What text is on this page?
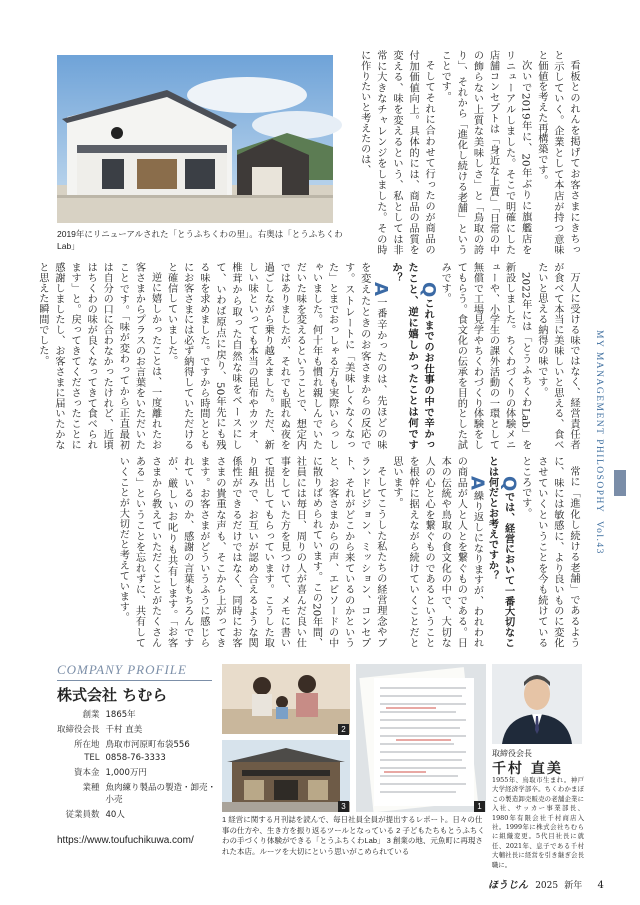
2019年にリニューアルされた「とうふちくわの里」。右奥は「とうふちくわLab」	看板とのれんを掲げてお客さまにきちっと示していく。企業として本店が持つ意味と価値を考えた再構築です。

次いで2019年に、20年ぶりに旗艦店をリニューアルしました。そこで明確にした店舗コンセプトは「身近な上質」「日常の中の飾らない上質な美味しさ」と「鳥取の誇り」、それから「進化し続ける老舗」ということです。

そしてそれに合わせて行ったのが商品の付加価値向上。具体的には、商品の品質を変える、味を変えるという、私としては非常に大きなチャレンジをしました。その時に作りたいと考えたのは、

万人に受ける味ではなく、経営責任者が食べて本当に美味しいと思える、食べたいと思える納得の味です。

2022年には「とうふちくわLab」を新設しました。ちくわづくりの体験メニューや、小学生の課外活動の一環として無償で工場見学やちくわづくり体験をしてもらう。食文化の伝承を目的とした試みです。

Qこれまでのお仕事の中で辛かったこと、逆に嬉しかったことは何ですか？

A一番辛かったのは、先ほどの味を変えたときのお客さまからの反応です。ストレートに「美味しくなくなった」とまでおっしゃる方も実際いらっしゃいました。何十年も慣れ親しんでいただいた味を変えるということで、想定内ではありましたが、それでも眠れぬ夜を過ごしながら乗り越えました。ただ、新しい味といっても本当の昆布やカツオ、椎茸から取った自然な味をベースにして、いわば原点に戻り、50年先にも残る味を求めました。ですから時間とともにお客さまには必ず納得していただけると確信していました。

逆に嬉しかったことは、一度離れたお客さまからプラスのお言葉をいただいたことです。「味が変わってから正直最初は自分の口に合わなかったけれど、近頃はちくわの味が良くなってきて食べられます」と。戻ってきてくださったことに感謝しましたし、お客さまに届いたかなと思えた瞬間でした。

常に「進化し続ける老舗」であるように、味には敏感に、より良いものに変化させていくということを今も続けているところです。

Qでは、経営において一番大切なことは何だとお考えですか？

A繰り返しになりますが、われわれの商品が人と人とを繋ぐものである。日本の伝統や鳥取の食文化の中で、大切な人の心と心を繋ぐものであるということを根幹に据えながら続けていくことだと思います。

そしてこうした私たちの経営理念やブランドビジョン、ミッション、コンセプト、それがどこから来ているのかというと、お客さまからの声、エピソードの中に散りばめられています。この20年間、社員には毎日、周りの人が喜んだ良い仕事をしていた方を見つけて、メモに書いて提出してもらっています。こうした取り組みで、お互いが認め合えるような関係性ができるだけではなく、同時にお客さまの貴重な声も、そこから上がってきます。お客さまがどういうふうに感じられているのか、感謝の言葉もちろんですが、厳しいお叱りも共有します。「お客さまから教えていただくことがたくさんある」ということを忘れずに、共有していくことが大切だと考えています。

MY MANAGEMENT PHILOSOPHY  Vol.43
COMPANY PROFILE
株式会社 ちむら
創業	1865年
取締役会長	千村 直美
所在地	鳥取市河原町布袋556
TEL	0858-76-3333
資本金	1,000万円
業種	魚肉練り製品の製造・卸売・小売
従業員数	40人
https://www.toufuchikuwa.com/
2
3	1
1 経営に関する月刊誌を読んで、毎日社員全員が提出するレポート。日々の仕事の仕方や、生き方を振り返るツールとなっている 2 子どもたちもとうふちくわの手づくり体験ができる「とうふちくわLab」 3 創業の地、元魚町に再現された本店。ルーツを大切にという思いがこめられている
取締役会長
千村 直美
1955年、鳥取市生まれ。神戸大学経済学部卒。ちくわかまぼこの製造卸売販売の老舗企業に入社、サッカー事業部長、1980年有限会社千村商店入社。1999年に株式会社ちむらに組織変更。5代目社長に就任、2021年、息子である千村大輔社長に経営を引き継ぎ会長職に。
ほうじん 2025 新年 4
